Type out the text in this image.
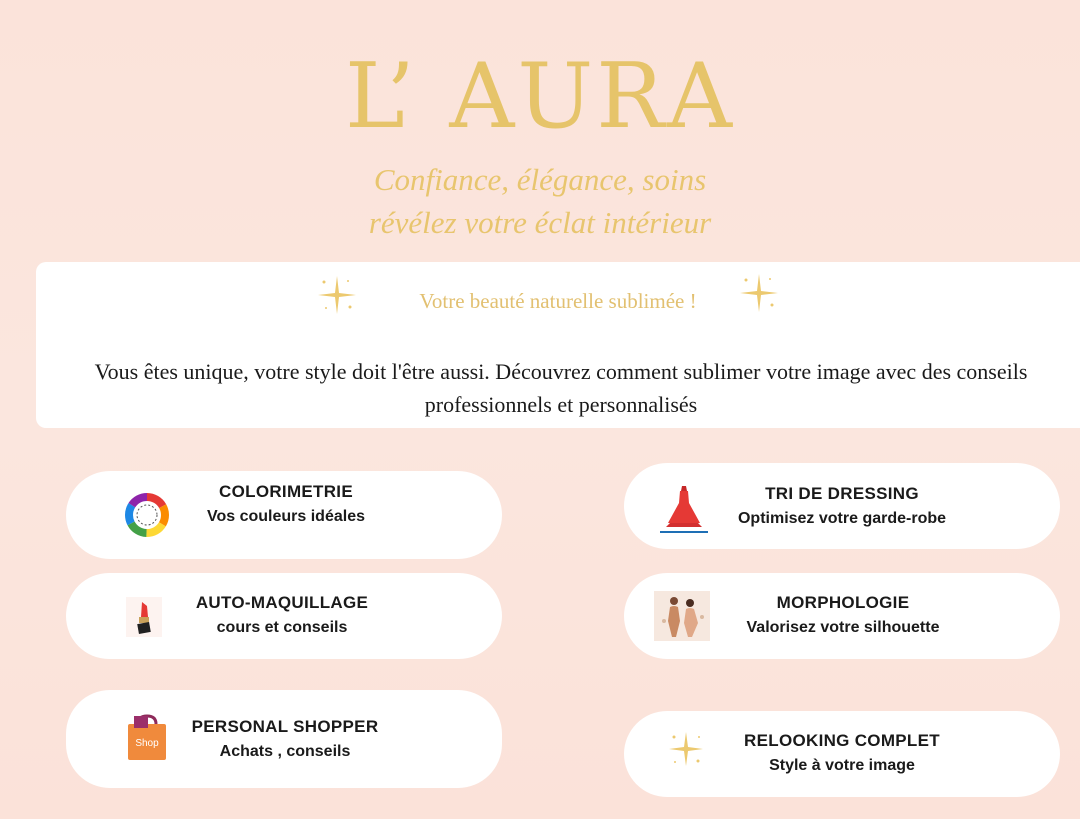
L’ AURA
Confiance, élégance, soins
révélez votre éclat intérieur
Votre beauté naturelle sublimée !
Vous êtes unique, votre style doit l'être aussi. Découvrez comment sublimer votre image avec des conseils professionnels et personnalisés
COLORIMETRIE
Vos couleurs idéales
TRI DE DRESSING
Optimisez votre garde-robe
AUTO-MAQUILLAGE
cours et conseils
MORPHOLOGIE
Valorisez votre silhouette
Shop
PERSONAL SHOPPER
Achats , conseils
RELOOKING COMPLET
Style à votre image
